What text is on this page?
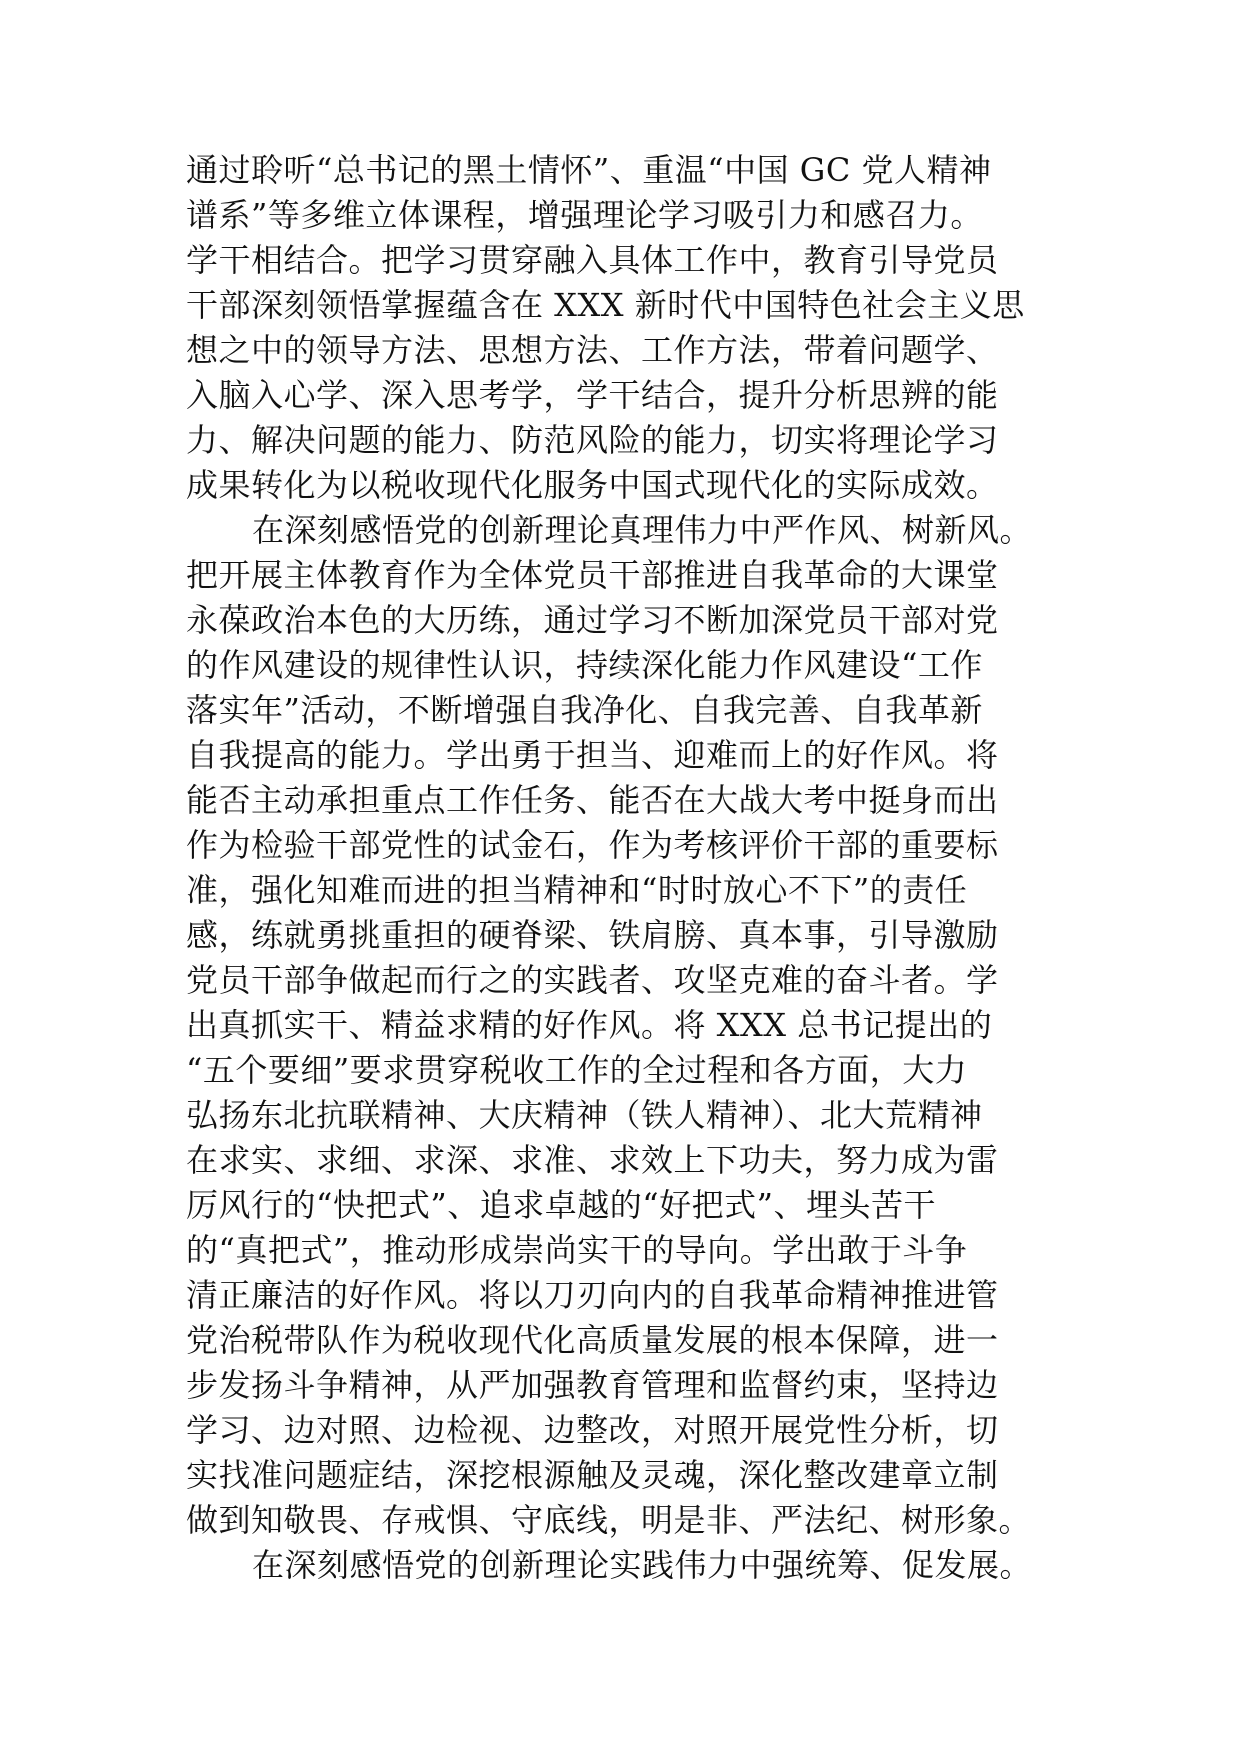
通过聆听“总书记的黑土情怀”、重温“中国 GC 党人精神
谱系”等多维立体课程，增强理论学习吸引力和感召力。
学干相结合。把学习贯穿融入具体工作中，教育引导党员
干部深刻领悟掌握蕴含在 XXX 新时代中国特色社会主义思
想之中的领导方法、思想方法、工作方法，带着问题学、
入脑入心学、深入思考学，学干结合，提升分析思辨的能
力、解决问题的能力、防范风险的能力，切实将理论学习
成果转化为以税收现代化服务中国式现代化的实际成效。
在深刻感悟党的创新理论真理伟力中严作风、树新风。
把开展主体教育作为全体党员干部推进自我革命的大课堂
永葆政治本色的大历练，通过学习不断加深党员干部对党
的作风建设的规律性认识，持续深化能力作风建设“工作
落实年”活动，不断增强自我净化、自我完善、自我革新
自我提高的能力。学出勇于担当、迎难而上的好作风。将
能否主动承担重点工作任务、能否在大战大考中挺身而出
作为检验干部党性的试金石，作为考核评价干部的重要标
准，强化知难而进的担当精神和“时时放心不下”的责任
感，练就勇挑重担的硬脊梁、铁肩膀、真本事，引导激励
党员干部争做起而行之的实践者、攻坚克难的奋斗者。学
出真抓实干、精益求精的好作风。将 XXX 总书记提出的
“五个要细”要求贯穿税收工作的全过程和各方面，大力
弘扬东北抗联精神、大庆精神（铁人精神）、北大荒精神
在求实、求细、求深、求准、求效上下功夫，努力成为雷
厉风行的“快把式”、追求卓越的“好把式”、埋头苦干
的“真把式”，推动形成崇尚实干的导向。学出敢于斗争
清正廉洁的好作风。将以刀刃向内的自我革命精神推进管
党治税带队作为税收现代化高质量发展的根本保障，进一
步发扬斗争精神，从严加强教育管理和监督约束，坚持边
学习、边对照、边检视、边整改，对照开展党性分析，切
实找准问题症结，深挖根源触及灵魂，深化整改建章立制
做到知敬畏、存戒惧、守底线，明是非、严法纪、树形象。
在深刻感悟党的创新理论实践伟力中强统筹、促发展。
